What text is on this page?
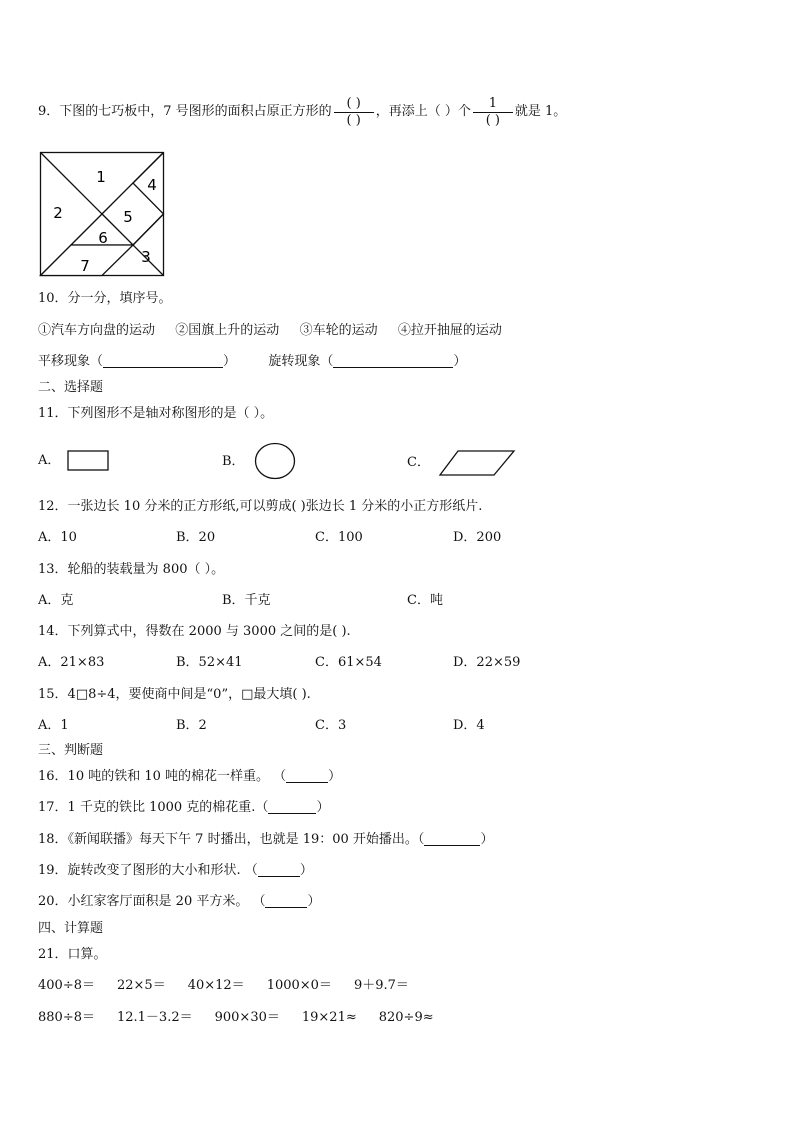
9．下图的七巧板中，7 号图形的面积占原正方形的 $\frac{( )}{( )}$ ，再添上（ ）个 $\frac{1}{( )}$ 就是 1。
1
2
3
4
5
6
7
10．分一分，填序号。
①汽车方向盘的运动 ②国旗上升的运动 ③车轮的运动 ④拉开抽屉的运动
平移现象（	） 旋转现象（	）
二、选择题
11．下列图形不是轴对称图形的是（ ）。
A．	B．	C．
12．一张边长 10 分米的正方形纸,可以剪成( )张边长 1 分米的小正方形纸片.
A．10	B．20	C．100	D．200
13．轮船的装载量为 800（ ）。
A．克	B．千克	C．吨
14．下列算式中，得数在 2000 与 3000 之间的是( ).
A．21×83	B．52×41	C．61×54	D．22×59
15．4□8÷4，要使商中间是“0”，□最大填( ).
A．1	B．2	C．3	D．4
三、判断题
16．10 吨的铁和 10 吨的棉花一样重。 （	）
17．1 千克的铁比 1000 克的棉花重.（	）
18．《新闻联播》每天下午 7 时播出，也就是 19：00 开始播出。（	）
19．旋转改变了图形的大小和形状. （	）
20．小红家客厅面积是 20 平方米。 （	）
四、计算题
21．口算。
400÷8＝ 22×5＝ 40×12＝ 1000×0＝ 9＋9.7＝
880÷8＝ 12.1－3.2＝ 900×30＝ 19×21≈ 820÷9≈
